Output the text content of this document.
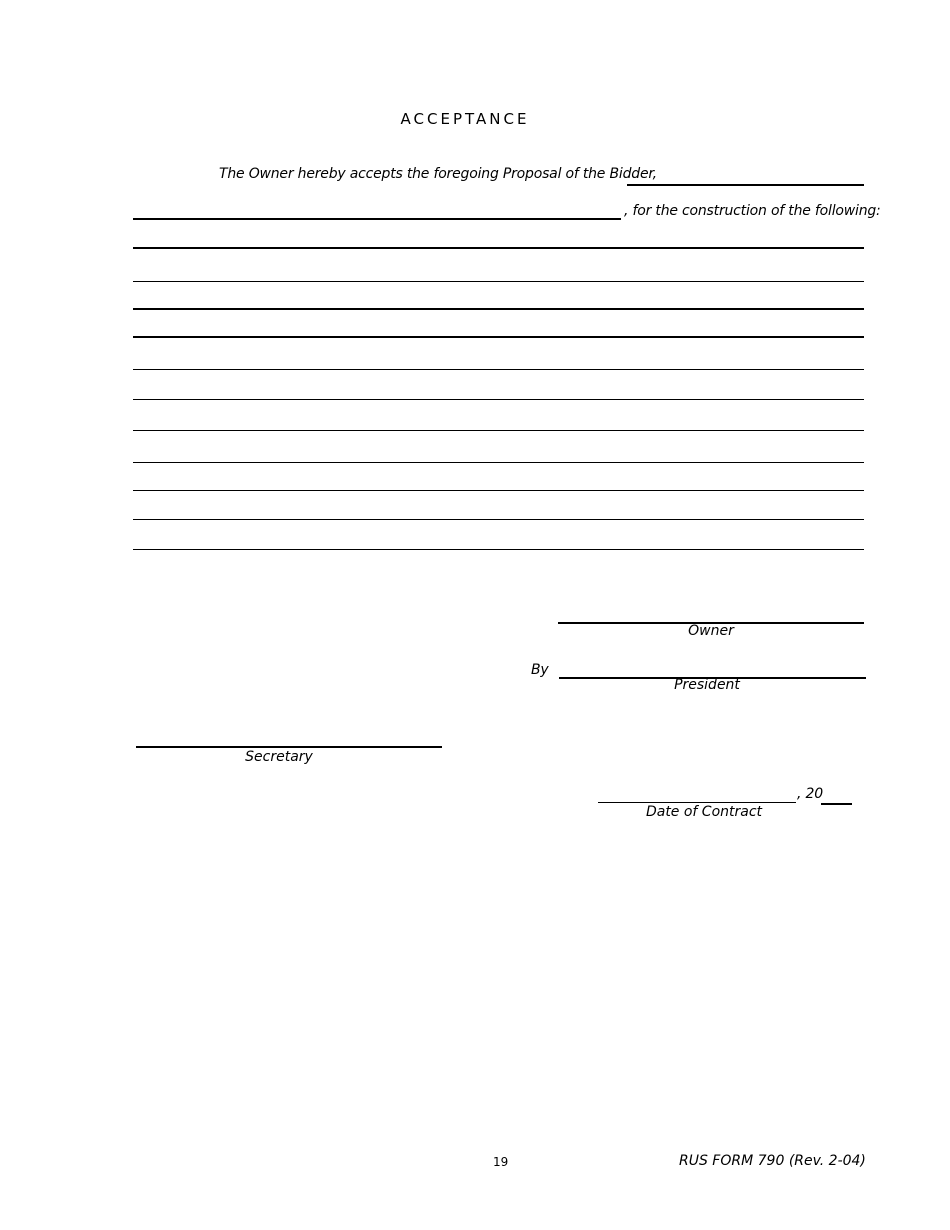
ACCEPTANCE
The Owner hereby accepts the foregoing Proposal of the Bidder,
, for the construction of the following:
Owner
By
President
Secretary
, 20
Date of Contract
19	RUS FORM 790 (Rev. 2-04)
